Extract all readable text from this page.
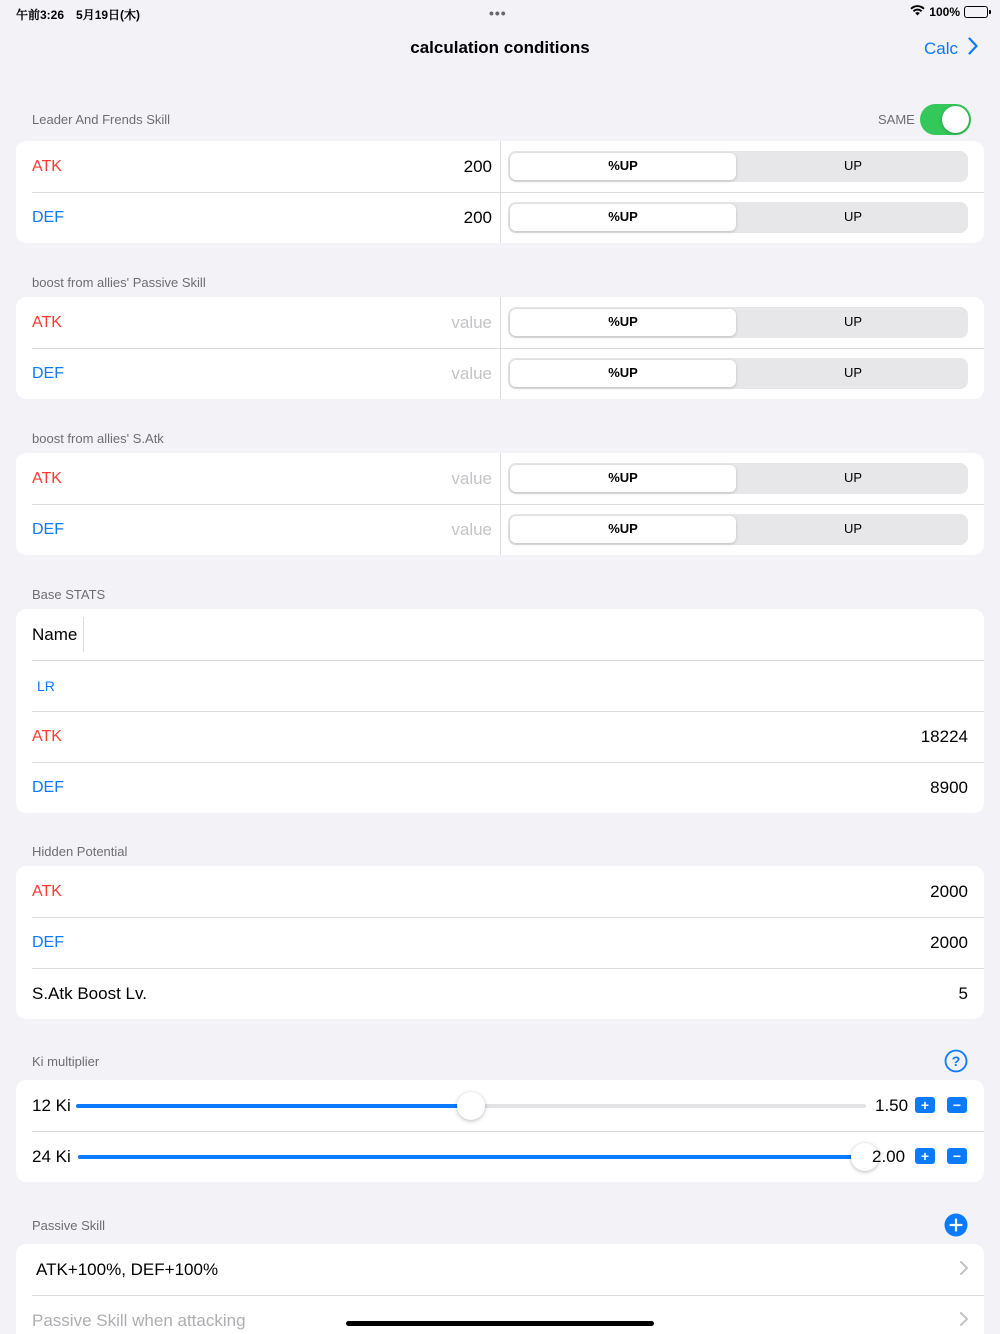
午前3:26　5月19日(木)	•••	100%
calculation conditions	Calc
Leader And Frends Skill	SAME
ATK	200	%UP	UP
DEF	200	%UP	UP
boost from allies' Passive Skill
ATK	value	%UP	UP
DEF	value	%UP	UP
boost from allies' S.Atk
ATK	value	%UP	UP
DEF	value	%UP	UP
Base STATS
Name
LR
ATK	18224
DEF	8900
Hidden Potential
ATK	2000
DEF	2000
S.Atk Boost Lv.	5
Ki multiplier	?
12 Ki	1.50 +	−
24 Ki	2.00	+	−
Passive Skill
ATK+100%, DEF+100%
Passive Skill when attacking
